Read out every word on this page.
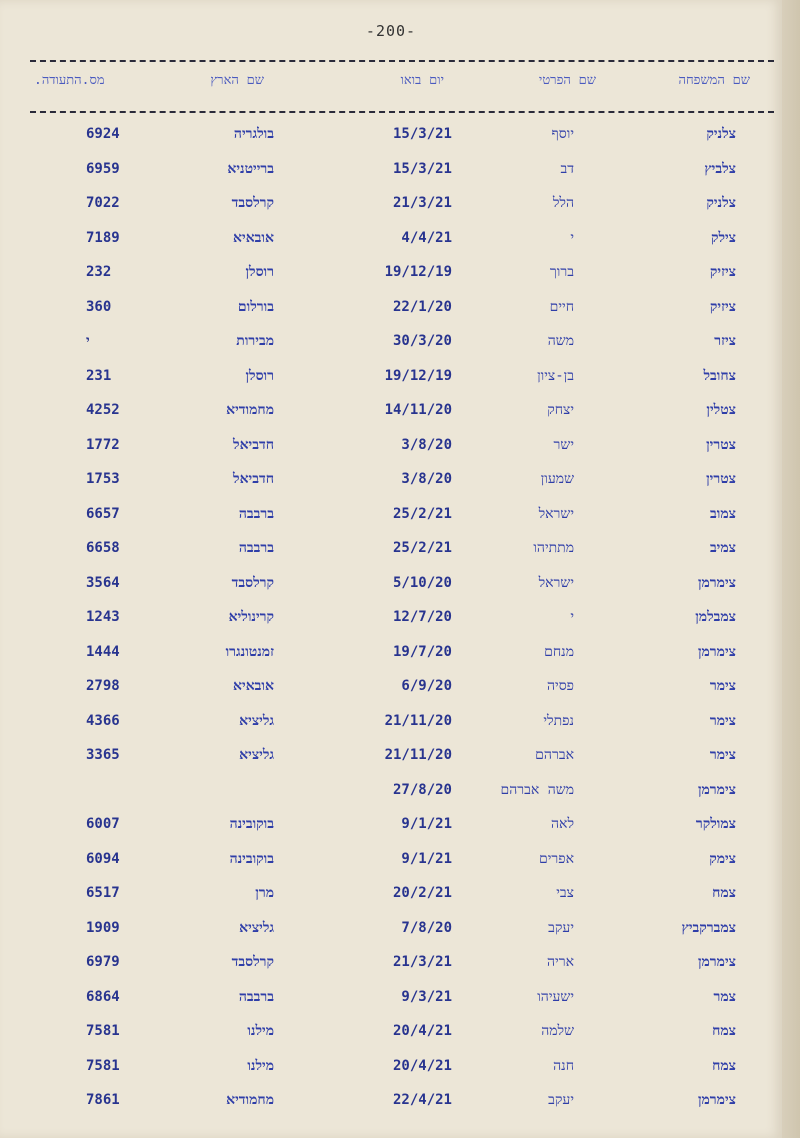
-200-
שם המשפחה
שם הפרטי
יום בואו
שם הארץ
מס.התעודה.
צלניק
יוסף
15/3/21
בולגריה
6924
צלביץ
דב
15/3/21
ברייטניא
6959
צלניק
הלל
21/3/21
קרלסבד
7022
צילק
י
4/4/21
אובאיא
7189
ציזיק
ברוך
19/12/19
רוסלן
232
ציזיק
חיים
22/1/20
בורלום
360
ציזר
משה
30/3/20
מבירות
י
צחובל
בן-ציון
19/12/19
רוסלן
231
צטלין
יצחק
14/11/20
מחמודיא
4252
צטרין
ישר
3/8/20
חדביאל
1772
צטרין
שמעון
3/8/20
חדביאל
1753
צמוב
ישראל
25/2/21
ברבבה
6657
צמיב
מתתיהו
25/2/21
ברבבה
6658
צימרמן
ישראל
5/10/20
קרלסבד
3564
צמבלמן
י
12/7/20
קרינוליא
1243
צימרמן
מנחם
19/7/20
זמנטונגרו
1444
צימר
פסיה
6/9/20
אובאיא
2798
צימר
נפתלי
21/11/20
גליציא
4366
צימר
אברהם
21/11/20
גליציא
3365
צימרמן
משה אברהם
27/8/20
צמולקר
לאה
9/1/21
בוקובינה
6007
צימק
אפרים
9/1/21
בוקובינה
6094
צמח
צבי
20/2/21
מרן
6517
צמברקביץ
יעקב
7/8/20
גליציא
1909
צימרמן
אריה
21/3/21
קרלסבד
6979
צמר
ישעיהו
9/3/21
ברבבה
6864
צמח
שלמה
20/4/21
מילנו
7581
צמח
חנה
20/4/21
מילנו
7581
צימרמן
יעקב
22/4/21
מחמודיא
7861
